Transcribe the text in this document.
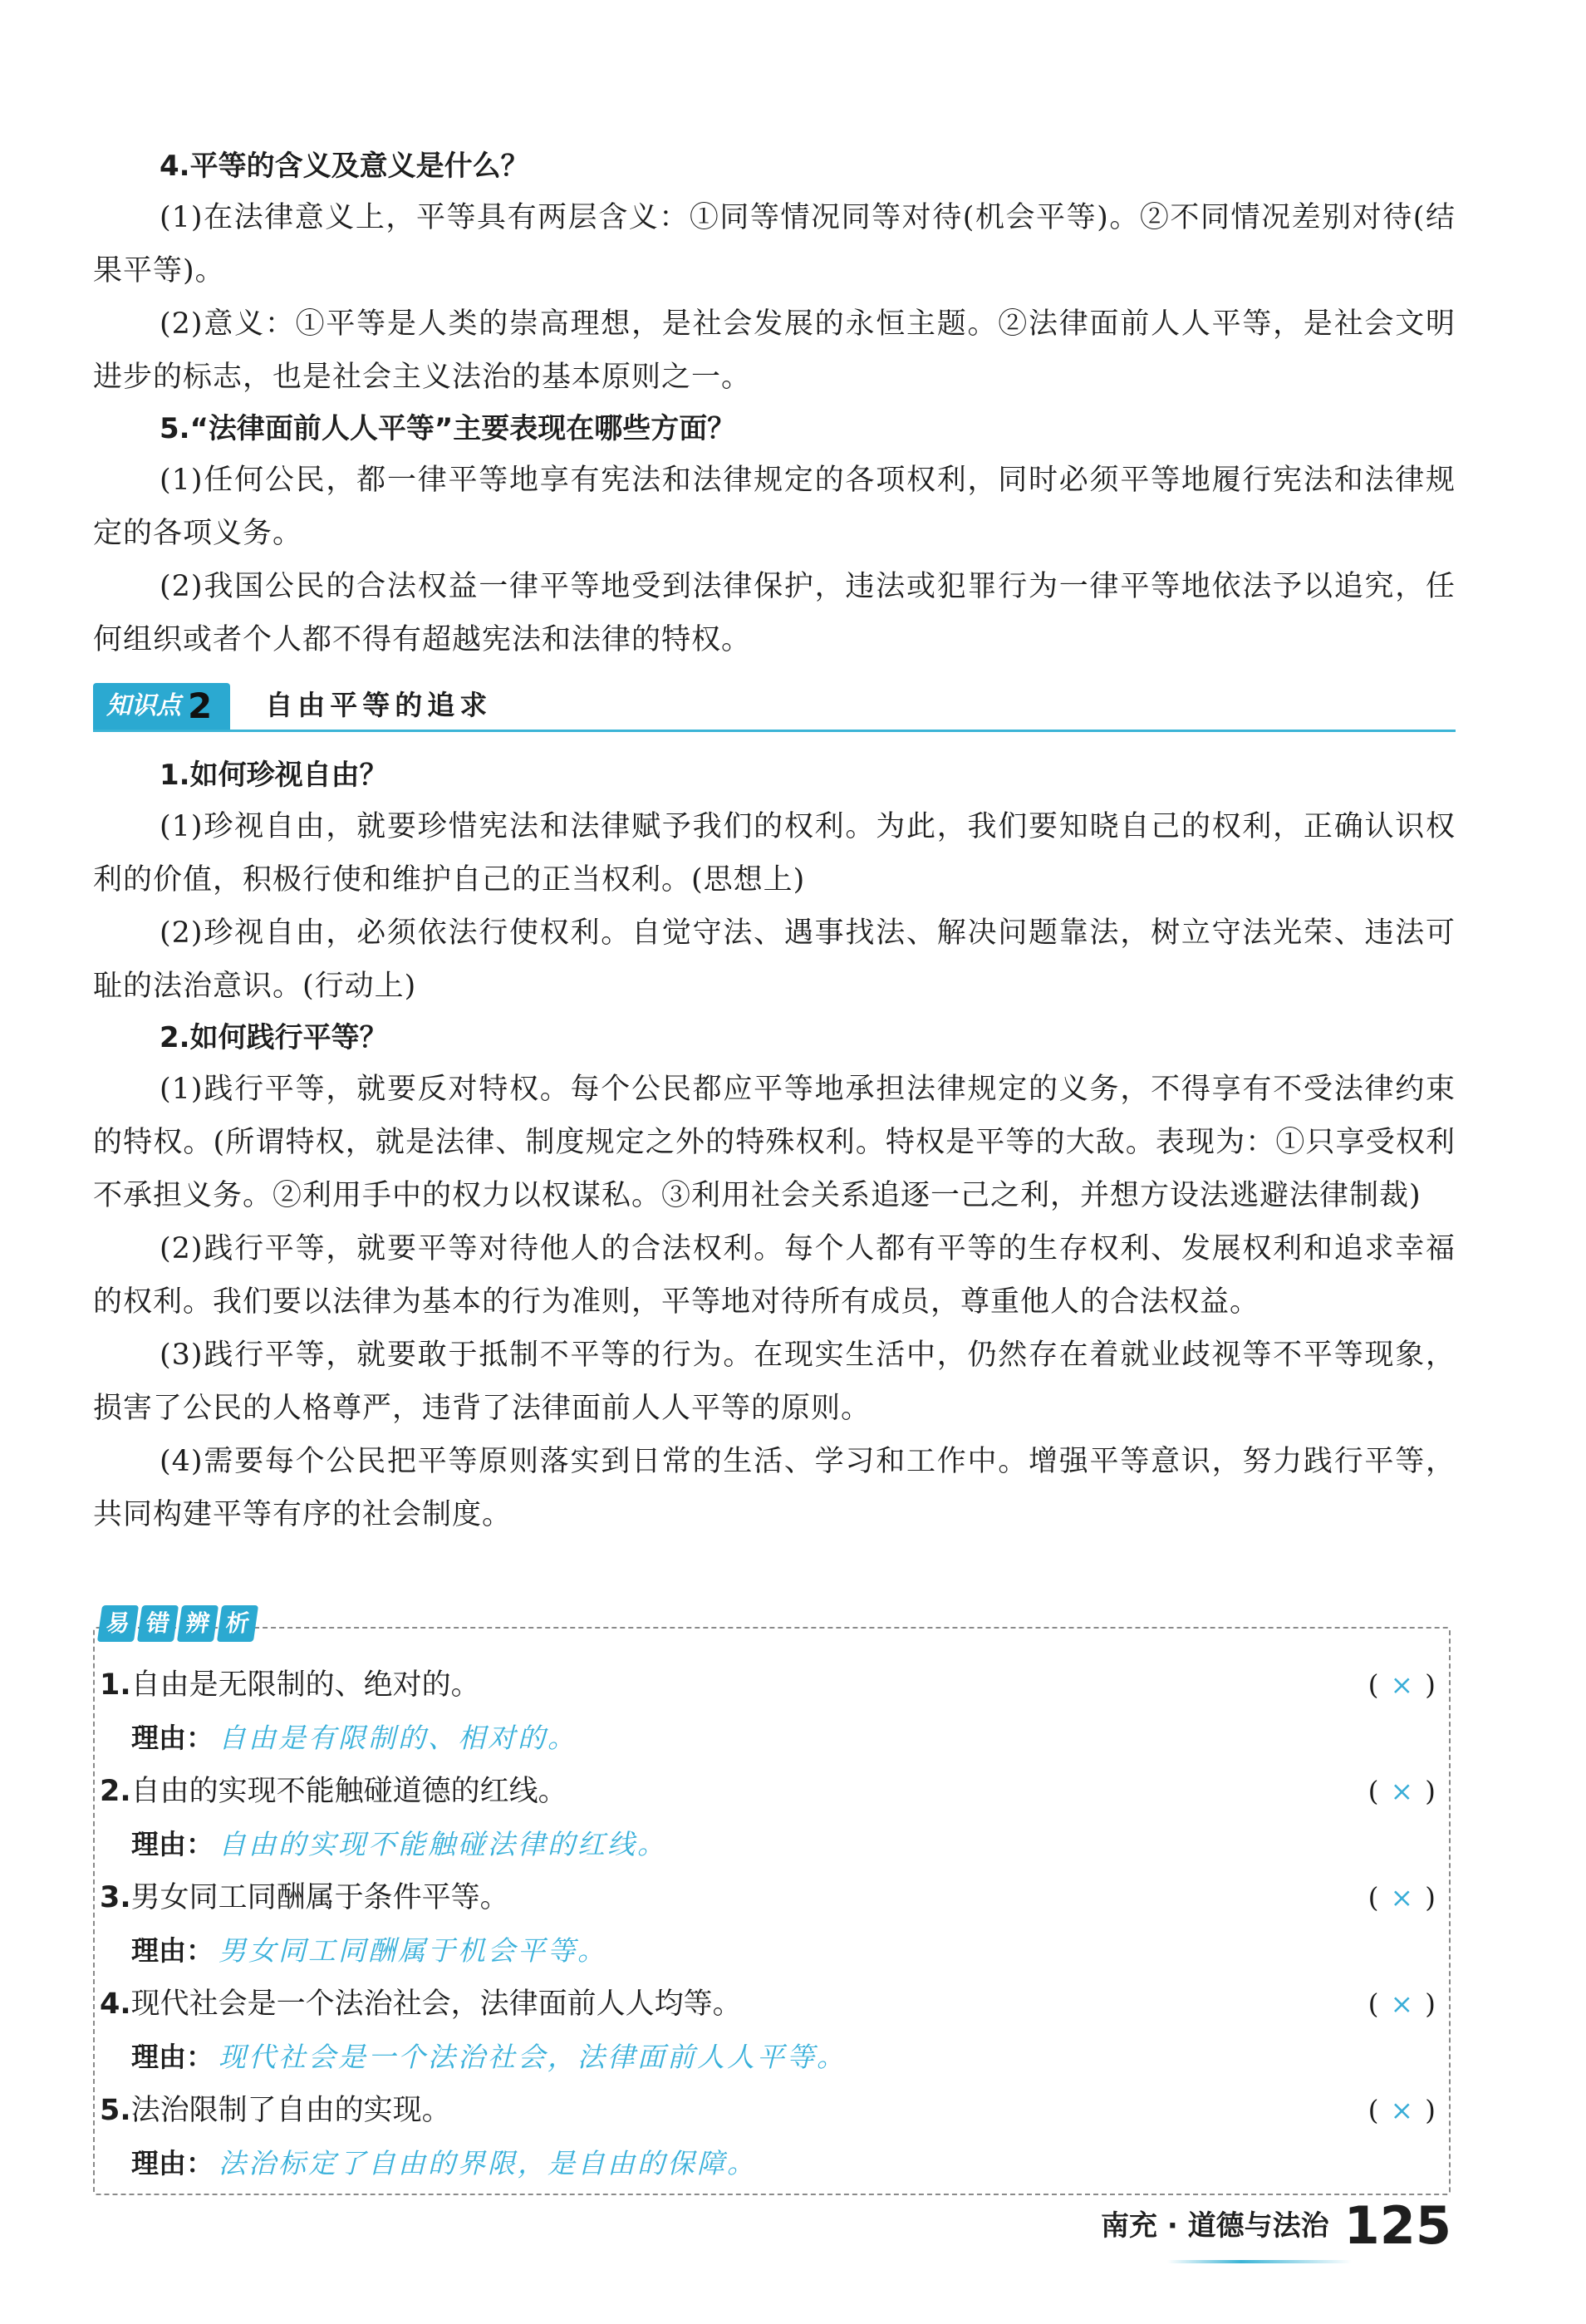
4.平等的含义及意义是什么？

(1)在法律意义上，平等具有两层含义：①同等情况同等对待(机会平等)。②不同情况差别对待(结果平等)。

(2)意义：①平等是人类的崇高理想，是社会发展的永恒主题。②法律面前人人平等，是社会文明进步的标志，也是社会主义法治的基本原则之一。

5.“法律面前人人平等”主要表现在哪些方面？

(1)任何公民，都一律平等地享有宪法和法律规定的各项权利，同时必须平等地履行宪法和法律规定的各项义务。

(2)我国公民的合法权益一律平等地受到法律保护，违法或犯罪行为一律平等地依法予以追究，任何组织或者个人都不得有超越宪法和法律的特权。

知识点 2 自由平等的追求

1.如何珍视自由？

(1)珍视自由，就要珍惜宪法和法律赋予我们的权利。为此，我们要知晓自己的权利，正确认识权利的价值，积极行使和维护自己的正当权利。(思想上)

(2)珍视自由，必须依法行使权利。自觉守法、遇事找法、解决问题靠法，树立守法光荣、违法可耻的法治意识。(行动上)

2.如何践行平等？

(1)践行平等，就要反对特权。每个公民都应平等地承担法律规定的义务，不得享有不受法律约束的特权。(所谓特权，就是法律、制度规定之外的特殊权利。特权是平等的大敌。表现为：①只享受权利不承担义务。②利用手中的权力以权谋私。③利用社会关系追逐一己之利，并想方设法逃避法律制裁)

(2)践行平等，就要平等对待他人的合法权利。每个人都有平等的生存权利、发展权利和追求幸福的权利。我们要以法律为基本的行为准则，平等地对待所有成员，尊重他人的合法权益。

(3)践行平等，就要敢于抵制不平等的行为。在现实生活中，仍然存在着就业歧视等不平等现象，损害了公民的人格尊严，违背了法律面前人人平等的原则。

(4)需要每个公民把平等原则落实到日常的生活、学习和工作中。增强平等意识，努力践行平等，共同构建平等有序的社会制度。

易 错 辨 析
1.自由是无限制的、绝对的。	( × )
理由： 自由是有限制的、相对的。
2.自由的实现不能触碰道德的红线。	( × )
理由： 自由的实现不能触碰法律的红线。
3.男女同工同酬属于条件平等。	( × )
理由： 男女同工同酬属于机会平等。
4.现代社会是一个法治社会，法律面前人人均等。	( × )
理由： 现代社会是一个法治社会，法律面前人人平等。
5.法治限制了自由的实现。	( × )
理由： 法治标定了自由的界限，是自由的保障。
南充 · 道德与法治 125
